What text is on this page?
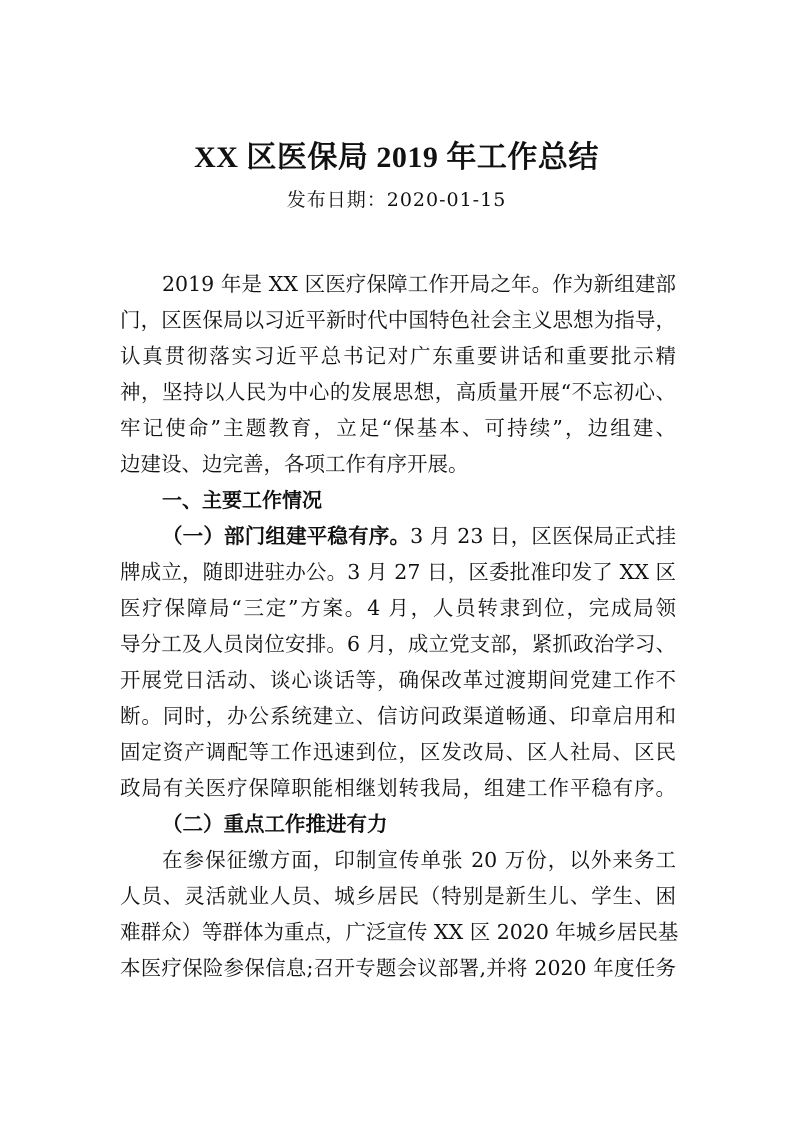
XX 区医保局 2019 年工作总结
发布日期：2020-01-15
2019 年是 XX 区医疗保障工作开局之年。作为新组建部
门，区医保局以习近平新时代中国特色社会主义思想为指导，
认真贯彻落实习近平总书记对广东重要讲话和重要批示精
神，坚持以人民为中心的发展思想，高质量开展“不忘初心、
牢记使命”主题教育，立足“保基本、可持续”，边组建、
边建设、边完善，各项工作有序开展。
一、主要工作情况
（一）部门组建平稳有序。3 月 23 日，区医保局正式挂
牌成立，随即进驻办公。3 月 27 日，区委批准印发了 XX 区
医疗保障局“三定”方案。4 月，人员转隶到位，完成局领
导分工及人员岗位安排。6 月，成立党支部，紧抓政治学习、
开展党日活动、谈心谈话等，确保改革过渡期间党建工作不
断。同时，办公系统建立、信访问政渠道畅通、印章启用和
固定资产调配等工作迅速到位，区发改局、区人社局、区民
政局有关医疗保障职能相继划转我局，组建工作平稳有序。
（二）重点工作推进有力
在参保征缴方面，印制宣传单张 20 万份，以外来务工
人员、灵活就业人员、城乡居民（特别是新生儿、学生、困
难群众）等群体为重点，广泛宣传 XX 区 2020 年城乡居民基
本医疗保险参保信息;召开专题会议部署,并将 2020 年度任务
